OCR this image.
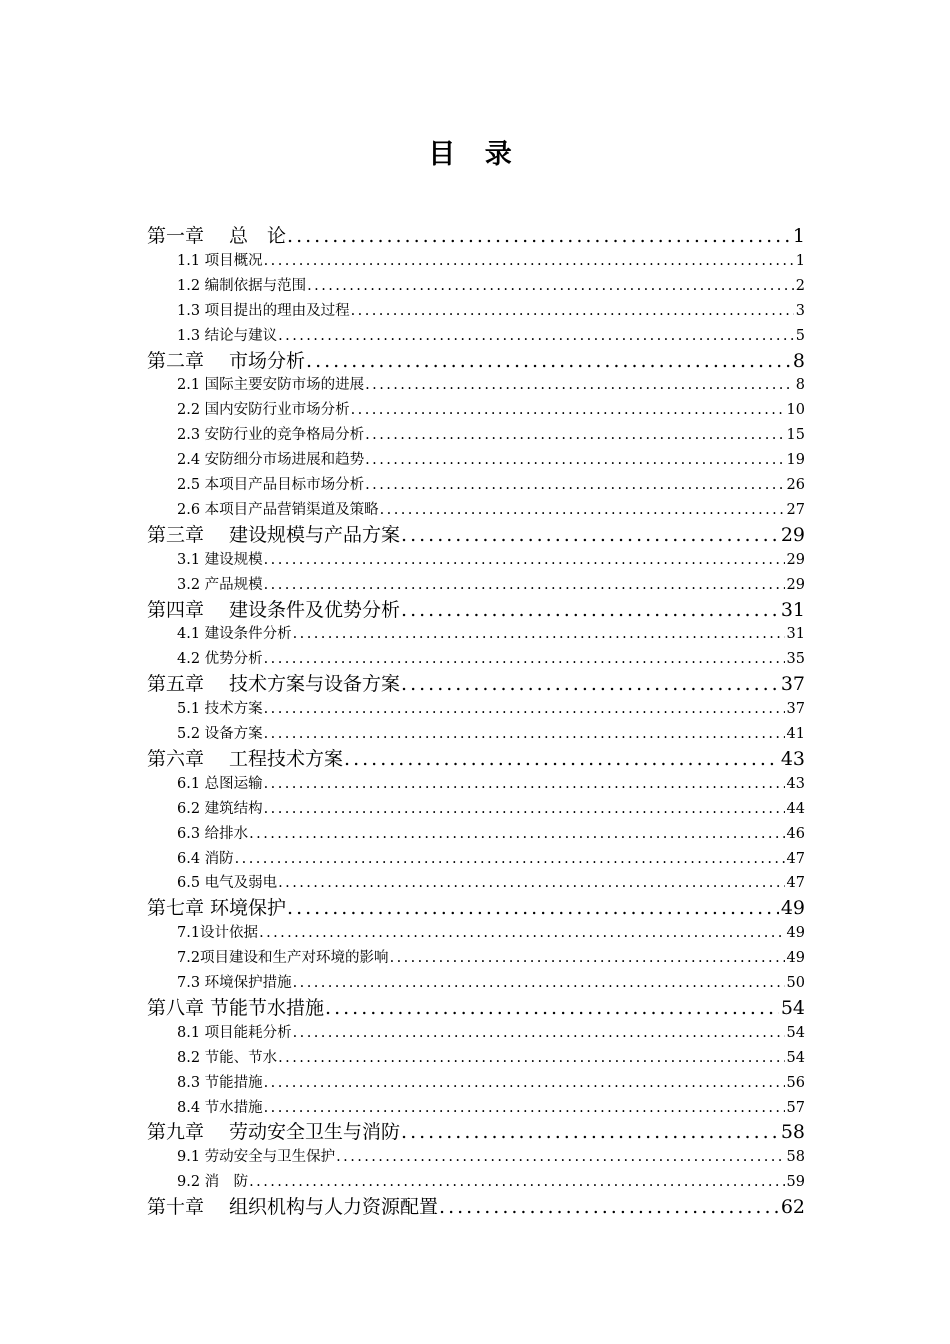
目 录
第一章　 总　论 .....	1
1.1 项目概况 .....	1
1.2 编制依据与范围 .....	2
1.3 项目提出的理由及过程 .....	3
1.3 结论与建议 .....	5
第二章　 市场分析 .....	8
2.1 国际主要安防市场的进展 .....	8
2.2 国内安防行业市场分析 .....	10
2.3 安防行业的竞争格局分析 .....	15
2.4 安防细分市场进展和趋势 .....	19
2.5 本项目产品目标市场分析 .....	26
2.6 本项目产品营销渠道及策略 .....	27
第三章　 建设规模与产品方案 .....	29
3.1 建设规模 .....	29
3.2 产品规模 .....	29
第四章　 建设条件及优势分析 .....	31
4.1 建设条件分析 .....	31
4.2 优势分析 .....	35
第五章　 技术方案与设备方案 .....	37
5.1 技术方案 .....	37
5.2 设备方案 .....	41
第六章　 工程技术方案 .....	43
6.1 总图运输 .....	43
6.2 建筑结构 .....	44
6.3 给排水 .....	46
6.4 消防 .....	47
6.5 电气及弱电 .....	47
第七章 环境保护 .....	49
7.1设计依据 .....	49
7.2项目建设和生产对环境的影响 .....	49
7.3 环境保护措施 .....	50
第八章 节能节水措施 .....	54
8.1 项目能耗分析 .....	54
8.2 节能、节水 .....	54
8.3 节能措施 .....	56
8.4 节水措施 .....	57
第九章　 劳动安全卫生与消防 .....	58
9.1 劳动安全与卫生保护 .....	58
9.2 消　防 .....	59
第十章　 组织机构与人力资源配置 .....	62
